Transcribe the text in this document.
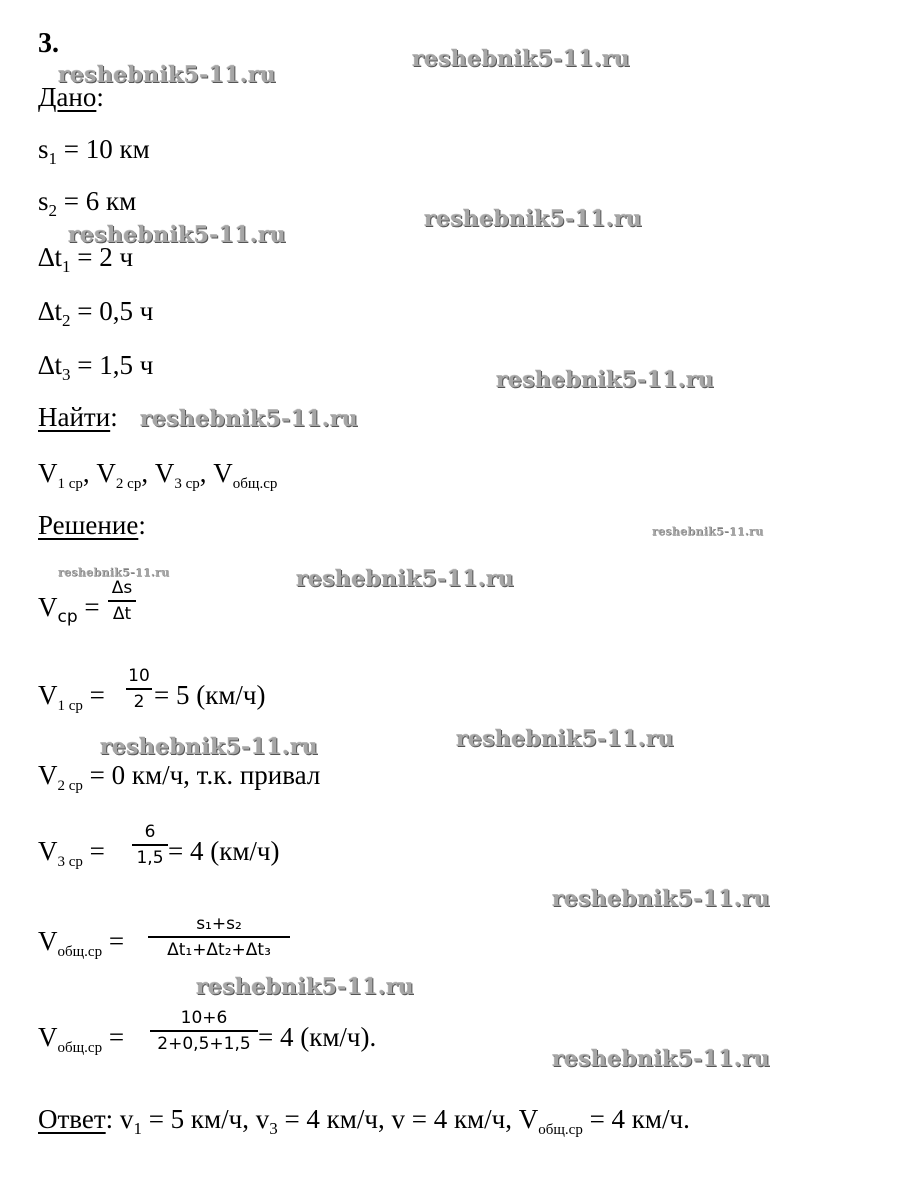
3.	reshebnik5-11.ru
reshebnik5-11.ru
reshebnik5-11.ru
reshebnik5-11.ru
reshebnik5-11.ru
reshebnik5-11.ru
reshebnik5-11.ru
reshebnik5-11.ru	reshebnik5-11.ru
reshebnik5-11.ru
reshebnik5-11.ru
reshebnik5-11.ru
reshebnik5-11.ru
reshebnik5-11.ru
Дано:
$s_1 = 10$ км
$s_2 = 6$ км
$\Delta t_1 = 2$ ч
$\Delta t_2 = 0,5$ ч
$\Delta t_3 = 1,5$ ч
Найти:
$V_{1 ср}$, $V_{2 ср}$, $V_{3 ср}$, $V_{общ.ср}$
Решение:
$V_{ср}$ =
Δs
Δt
$V_{1 ср}$ =
10
2 = 5 (км/ч)
$V_{2 ср} = 0$ км/ч, т.к. привал
$V_{3 ср}$ =
6
1,5 = 4 (км/ч)
$V_{общ.ср}$ =
s₁+s₂
Δt₁+Δt₂+Δt₃
$V_{общ.ср}$ =
10+6
2+0,5+1,5 = 4 (км/ч).
Ответ: $v_1 = 5$ км/ч, $v_3 = 4$ км/ч, v = 4 км/ч, $V_{общ.ср} = 4$ км/ч.
